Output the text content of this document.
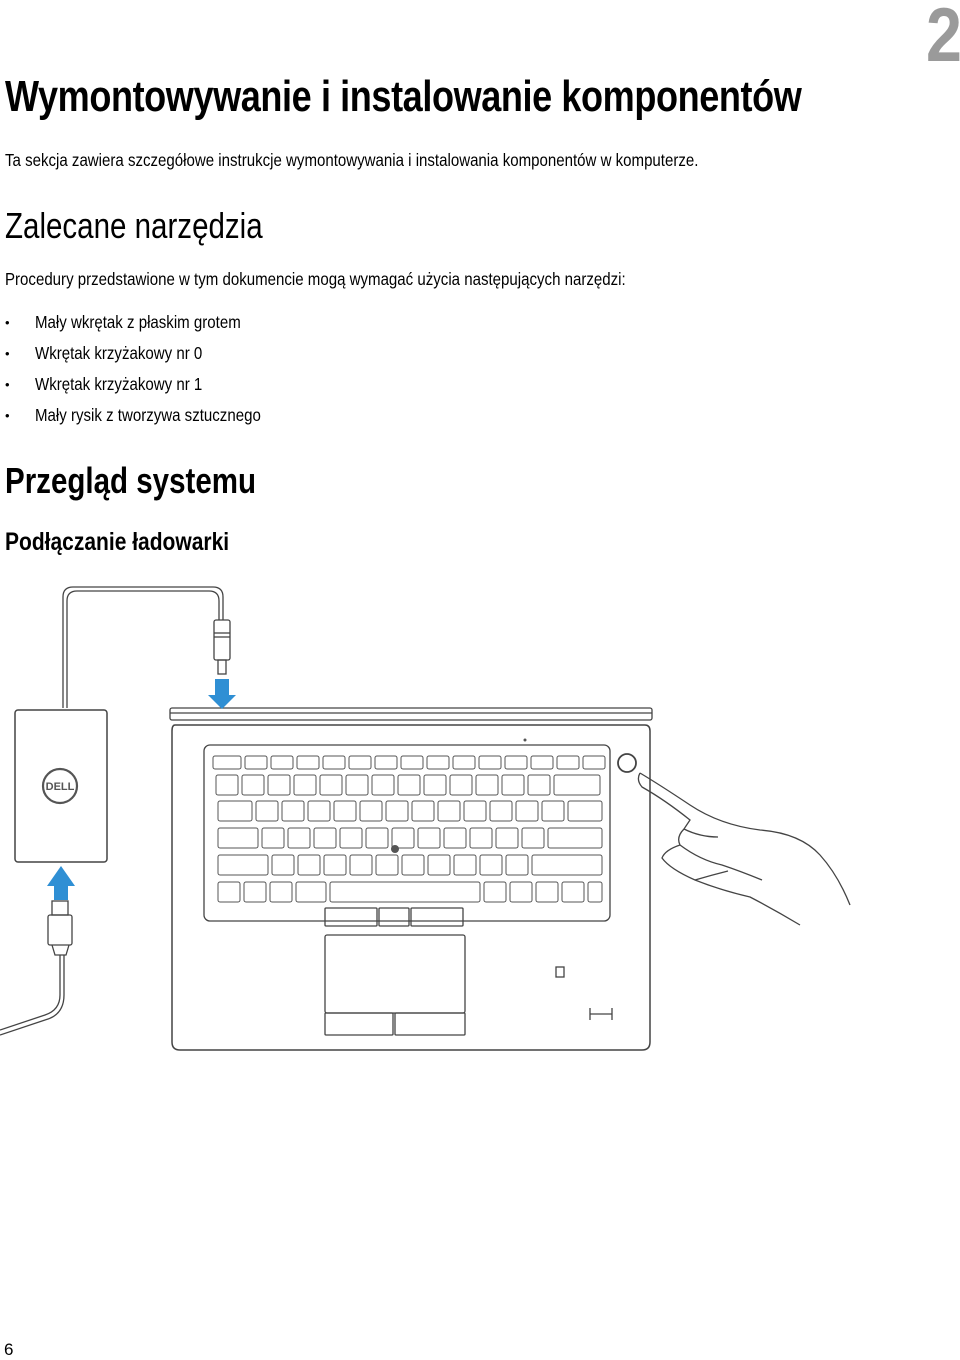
2
Wymontowywanie i instalowanie komponentów

Ta sekcja zawiera szczegółowe instrukcje wymontowywania i instalowania komponentów w komputerze.

Zalecane narzędzia

Procedury przedstawione w tym dokumencie mogą wymagać użycia następujących narzędzi:

• Mały wkrętak z płaskim grotem
• Wkrętak krzyżakowy nr 0
• Wkrętak krzyżakowy nr 1
• Mały rysik z tworzywa sztucznego
Przegląd systemu
Podłączanie ładowarki
DELL
6
